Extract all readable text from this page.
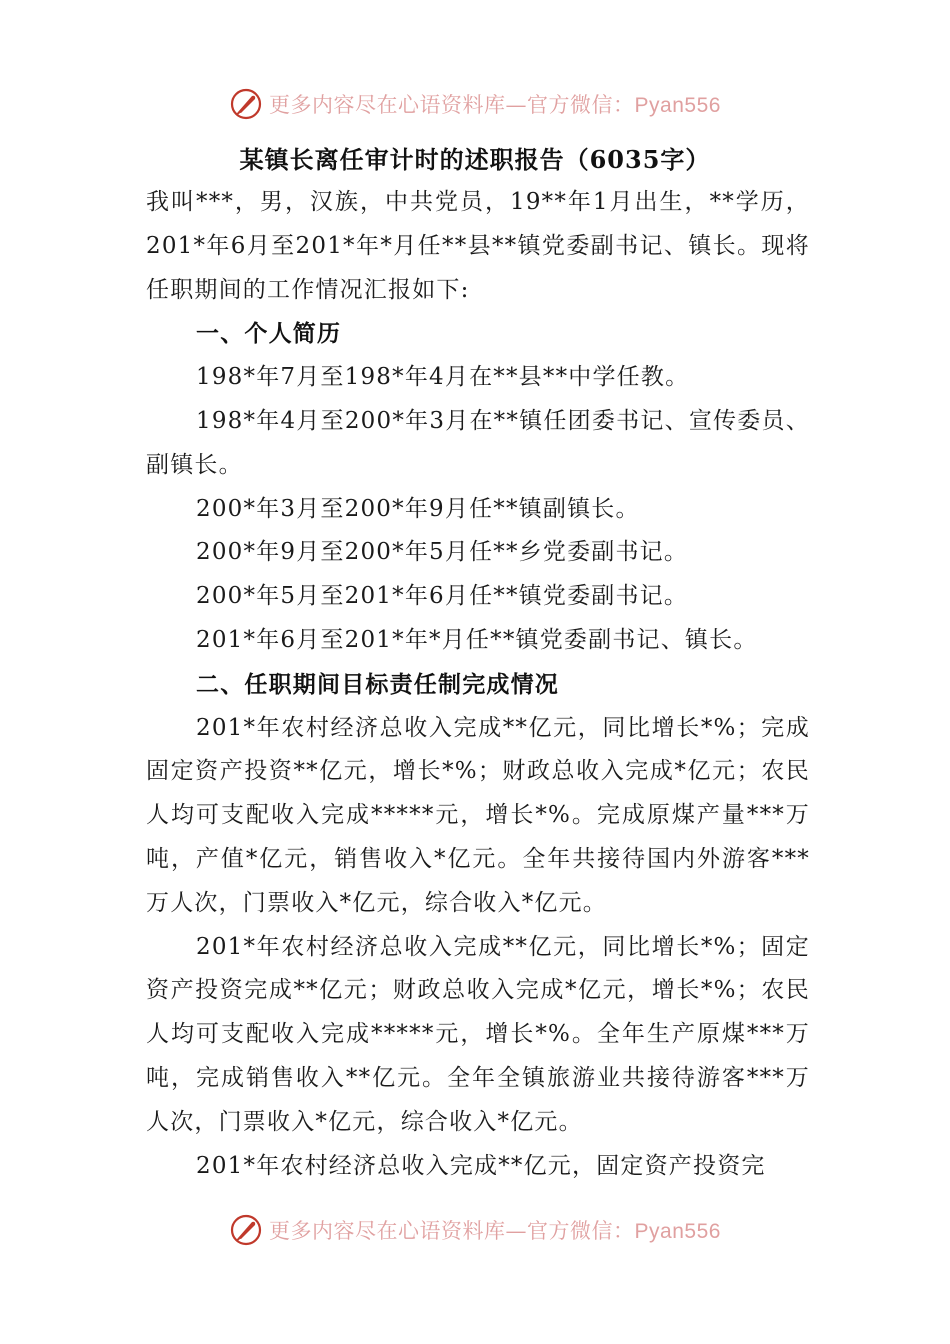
更多内容尽在心语资料库—官方微信：Pyan556
某镇长离任审计时的述职报告（6035字）

我叫***，男，汉族，中共党员，19**年1月出生，**学历，201*年6月至201*年*月任**县**镇党委副书记、镇长。现将任职期间的工作情况汇报如下:

一、个人简历

198*年7月至198*年4月在**县**中学任教。

198*年4月至200*年3月在**镇任团委书记、宣传委员、副镇长。

200*年3月至200*年9月任**镇副镇长。

200*年9月至200*年5月任**乡党委副书记。

200*年5月至201*年6月任**镇党委副书记。

201*年6月至201*年*月任**镇党委副书记、镇长。

二、任职期间目标责任制完成情况

201*年农村经济总收入完成**亿元，同比增长*%；完成固定资产投资**亿元，增长*%；财政总收入完成*亿元；农民人均可支配收入完成*****元，增长*%。完成原煤产量***万吨，产值*亿元，销售收入*亿元。全年共接待国内外游客***万人次，门票收入*亿元，综合收入*亿元。

201*年农村经济总收入完成**亿元，同比增长*%；固定资产投资完成**亿元；财政总收入完成*亿元，增长*%；农民人均可支配收入完成*****元，增长*%。全年生产原煤***万吨，完成销售收入**亿元。全年全镇旅游业共接待游客***万人次，门票收入*亿元，综合收入*亿元。

201*年农村经济总收入完成**亿元，固定资产投资完

更多内容尽在心语资料库—官方微信：Pyan556
